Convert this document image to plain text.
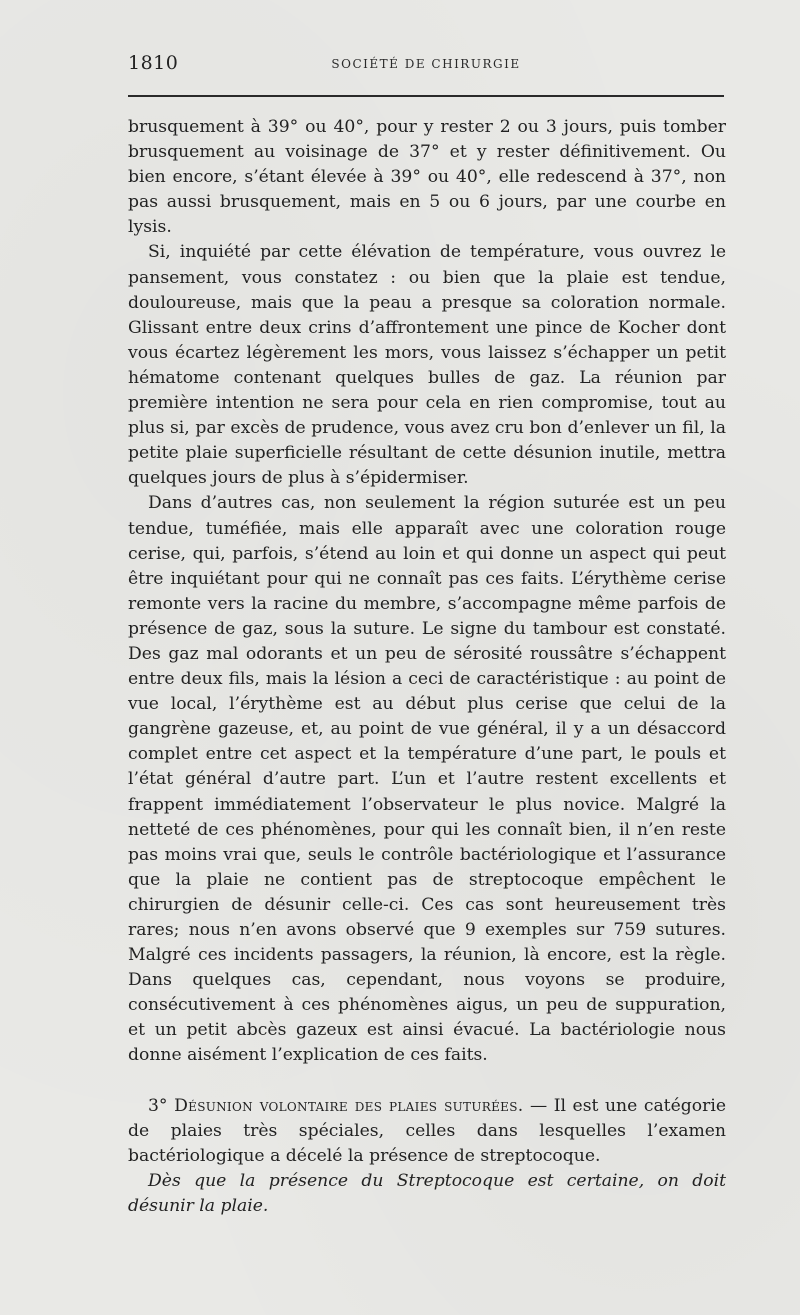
1810	SOCIÉTÉ DE CHIRURGIE

brusquement à 39° ou 40°, pour y rester 2 ou 3 jours, puis tomber brusquement au voisinage de 37° et y rester définitivement. Ou bien encore, s’étant élevée à 39° ou 40°, elle redescend à 37°, non pas aussi brusquement, mais en 5 ou 6 jours, par une courbe en lysis.

Si, inquiété par cette élévation de température, vous ouvrez le pansement, vous constatez : ou bien que la plaie est tendue, douloureuse, mais que la peau a presque sa coloration normale. Glissant entre deux crins d’affrontement une pince de Kocher dont vous écartez légèrement les mors, vous laissez s’échapper un petit hématome contenant quelques bulles de gaz. La réunion par première intention ne sera pour cela en rien compromise, tout au plus si, par excès de prudence, vous avez cru bon d’enlever un fil, la petite plaie superficielle résultant de cette désunion inutile, mettra quelques jours de plus à s’épidermiser.

Dans d’autres cas, non seulement la région suturée est un peu tendue, tuméfiée, mais elle apparaît avec une coloration rouge cerise, qui, parfois, s’étend au loin et qui donne un aspect qui peut être inquiétant pour qui ne connaît pas ces faits. L’érythème cerise remonte vers la racine du membre, s’accompagne même parfois de présence de gaz, sous la suture. Le signe du tambour est constaté. Des gaz mal odorants et un peu de sérosité roussâtre s’échappent entre deux fils, mais la lésion a ceci de caractéristique : au point de vue local, l’érythème est au début plus cerise que celui de la gangrène gazeuse, et, au point de vue général, il y a un désaccord complet entre cet aspect et la température d’une part, le pouls et l’état général d’autre part. L’un et l’autre restent excellents et frappent immédiatement l’observateur le plus novice. Malgré la netteté de ces phénomènes, pour qui les connaît bien, il n’en reste pas moins vrai que, seuls le contrôle bactériologique et l’assurance que la plaie ne contient pas de streptocoque empêchent le chirurgien de désunir celle-ci. Ces cas sont heureusement très rares; nous n’en avons observé que 9 exemples sur 759 sutures. Malgré ces incidents passagers, la réunion, là encore, est la règle. Dans quelques cas, cependant, nous voyons se produire, consécutivement à ces phénomènes aigus, un peu de suppuration, et un petit abcès gazeux est ainsi évacué. La bactériologie nous donne aisément l’explication de ces faits.

3° Désunion volontaire des plaies suturées. — Il est une catégorie de plaies très spéciales, celles dans lesquelles l’examen bactériologique a décelé la présence de streptocoque.

Dès que la présence du Streptocoque est certaine, on doit désunir la plaie.
